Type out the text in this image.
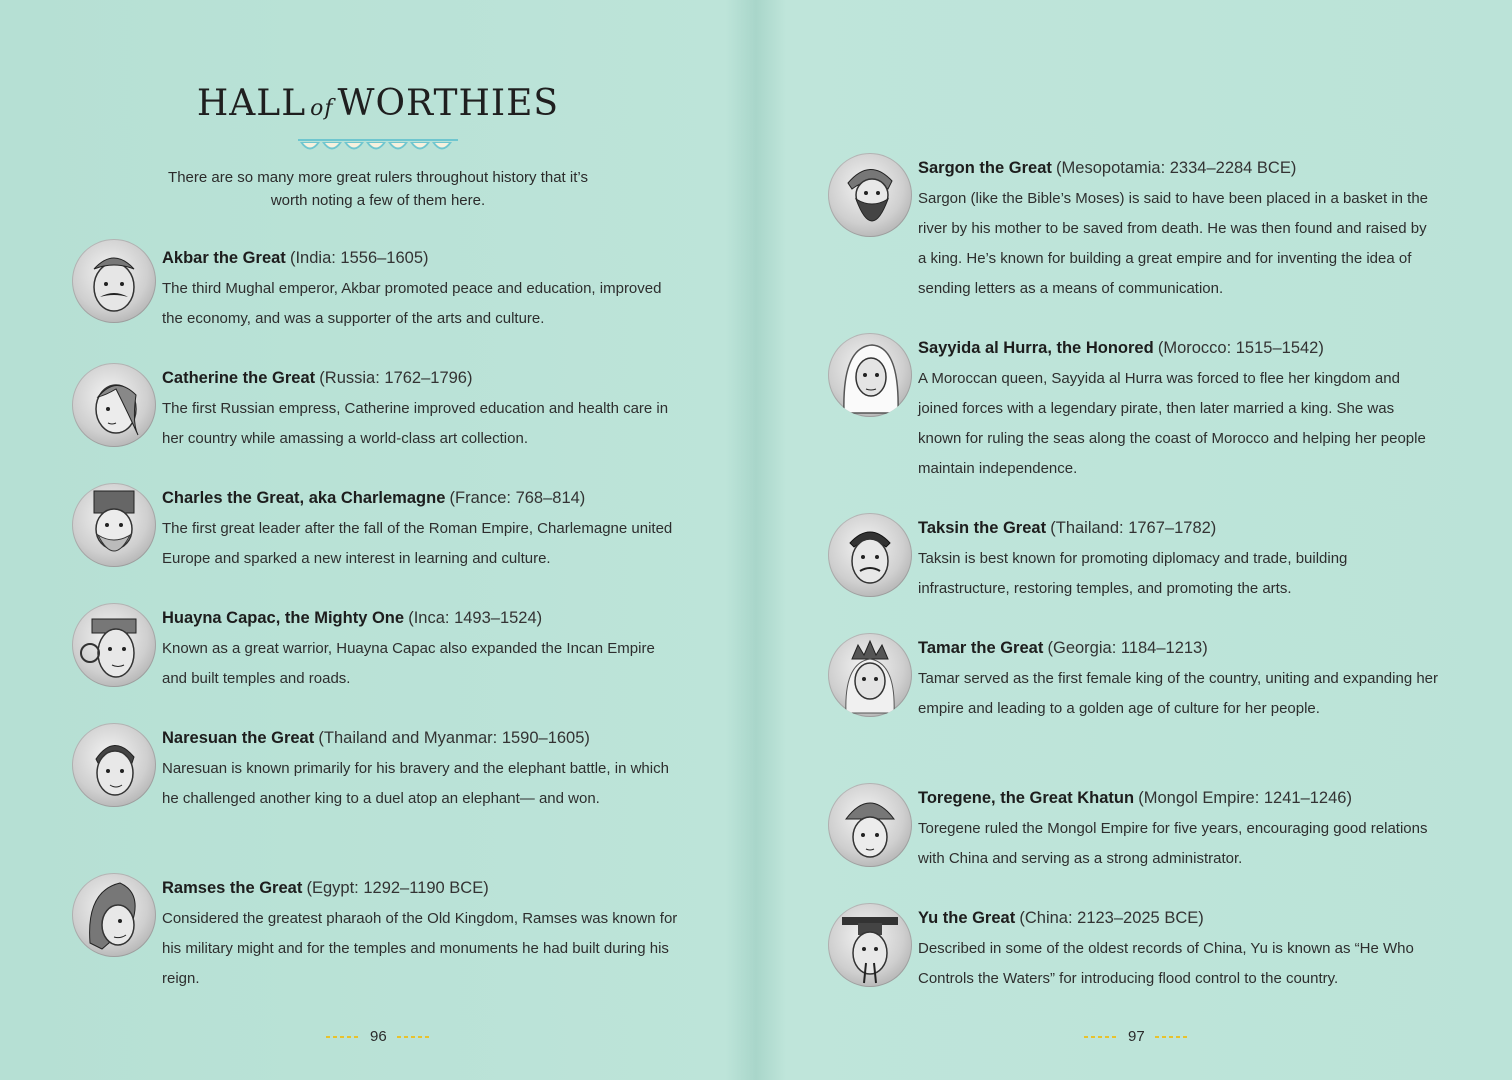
HALL of WORTHIES
There are so many more great rulers throughout history that it’s worth noting a few of them here.
Akbar the Great (India: 1556–1605)
The third Mughal emperor, Akbar promoted peace and education, improved the economy, and was a supporter of the arts and culture.
Catherine the Great (Russia: 1762–1796)
The first Russian empress, Catherine improved education and health care in her country while amassing a world-class art collection.
Charles the Great, aka Charlemagne (France: 768–814)
The first great leader after the fall of the Roman Empire, Charlemagne united Europe and sparked a new interest in learning and culture.
Huayna Capac, the Mighty One (Inca: 1493–1524)
Known as a great warrior, Huayna Capac also expanded the Incan Empire and built temples and roads.
Naresuan the Great (Thailand and Myanmar: 1590–1605)
Naresuan is known primarily for his bravery and the elephant battle, in which he challenged another king to a duel atop an elephant— and won.
Ramses the Great (Egypt: 1292–1190 BCE)
Considered the greatest pharaoh of the Old Kingdom, Ramses was known for his military might and for the temples and monuments he had built during his reign.
96
Sargon the Great (Mesopotamia: 2334–2284 BCE)
Sargon (like the Bible’s Moses) is said to have been placed in a basket in the river by his mother to be saved from death. He was then found and raised by a king. He’s known for building a great empire and for inventing the idea of sending letters as a means of communication.
Sayyida al Hurra, the Honored (Morocco: 1515–1542)
A Moroccan queen, Sayyida al Hurra was forced to flee her kingdom and joined forces with a legendary pirate, then later married a king. She was known for ruling the seas along the coast of Morocco and helping her people maintain independence.
Taksin the Great (Thailand: 1767–1782)
Taksin is best known for promoting diplomacy and trade, building infrastructure, restoring temples, and promoting the arts.
Tamar the Great (Georgia: 1184–1213)
Tamar served as the first female king of the country, uniting and expanding her empire and leading to a golden age of culture for her people.
Toregene, the Great Khatun (Mongol Empire: 1241–1246)
Toregene ruled the Mongol Empire for five years, encouraging good relations with China and serving as a strong administrator.
Yu the Great (China: 2123–2025 BCE)
Described in some of the oldest records of China, Yu is known as “He Who Controls the Waters” for introducing flood control to the country.
97
